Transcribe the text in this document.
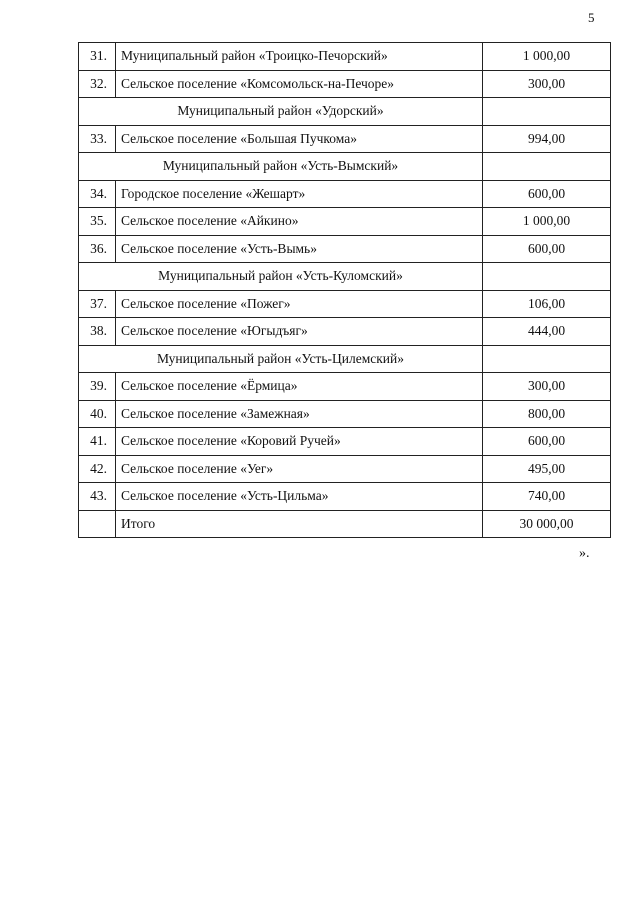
5
31.	Муниципальный район «Троицко-Печорский»	1 000,00
32.	Сельское поселение «Комсомольск-на-Печоре»	300,00
Муниципальный район «Удорский»		
33.	Сельское поселение «Большая Пучкома»	994,00
Муниципальный район «Усть-Вымский»		
34.	Городское поселение «Жешарт»	600,00
35.	Сельское поселение «Айкино»	1 000,00
36.	Сельское поселение «Усть-Вымь»	600,00
Муниципальный район «Усть-Куломский»		
37.	Сельское поселение «Пожег»	106,00
38.	Сельское поселение «Югыдъяг»	444,00
Муниципальный район «Усть-Цилемский»		
39.	Сельское поселение «Ёрмица»	300,00
40.	Сельское поселение «Замежная»	800,00
41.	Сельское поселение «Коровий Ручей»	600,00
42.	Сельское поселение «Уег»	495,00
43.	Сельское поселение «Усть-Цильма»	740,00
	Итого	30 000,00
».
